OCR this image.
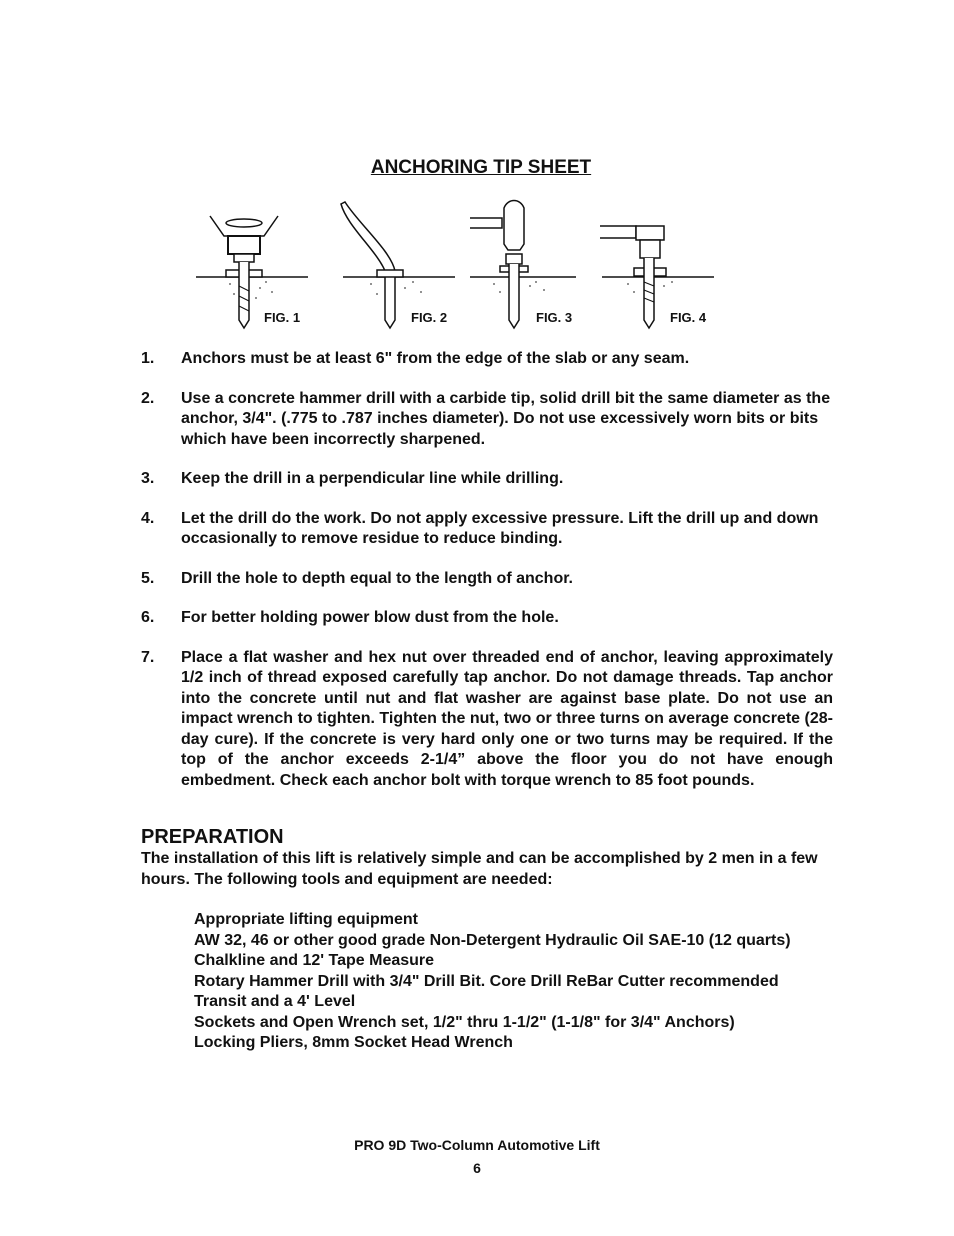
ANCHORING TIP SHEET
FIG. 1	FIG. 2	FIG. 3	FIG. 4
1. Anchors must be at least 6" from the edge of the slab or any seam.
2. Use a concrete hammer drill with a carbide tip, solid drill bit the same diameter as the anchor, 3/4". (.775 to .787 inches diameter). Do not use excessively worn bits or bits which have been incorrectly sharpened.
3. Keep the drill in a perpendicular line while drilling.
4. Let the drill do the work. Do not apply excessive pressure. Lift the drill up and down occasionally to remove residue to reduce binding.
5. Drill the hole to depth equal to the length of anchor.
6. For better holding power blow dust from the hole.
7. Place a flat washer and hex nut over threaded end of anchor, leaving approximately 1/2 inch of thread exposed carefully tap anchor. Do not damage threads. Tap anchor into the concrete until nut and flat washer are against base plate. Do not use an impact wrench to tighten. Tighten the nut, two or three turns on average concrete (28-day cure). If the concrete is very hard only one or two turns may be required. If the top of the anchor exceeds 2-1/4” above the floor you do not have enough embedment. Check each anchor bolt with torque wrench to 85 foot pounds.
PREPARATION
The installation of this lift is relatively simple and can be accomplished by 2 men in a few hours. The following tools and equipment are needed:
Appropriate lifting equipment
AW 32, 46 or other good grade Non-Detergent Hydraulic Oil SAE-10 (12 quarts)
Chalkline and 12' Tape Measure
Rotary Hammer Drill with 3/4" Drill Bit. Core Drill ReBar Cutter recommended
Transit and a 4' Level
Sockets and Open Wrench set, 1/2" thru 1-1/2" (1-1/8" for 3/4" Anchors)
Locking Pliers, 8mm Socket Head Wrench
PRO 9D Two-Column Automotive Lift
6
